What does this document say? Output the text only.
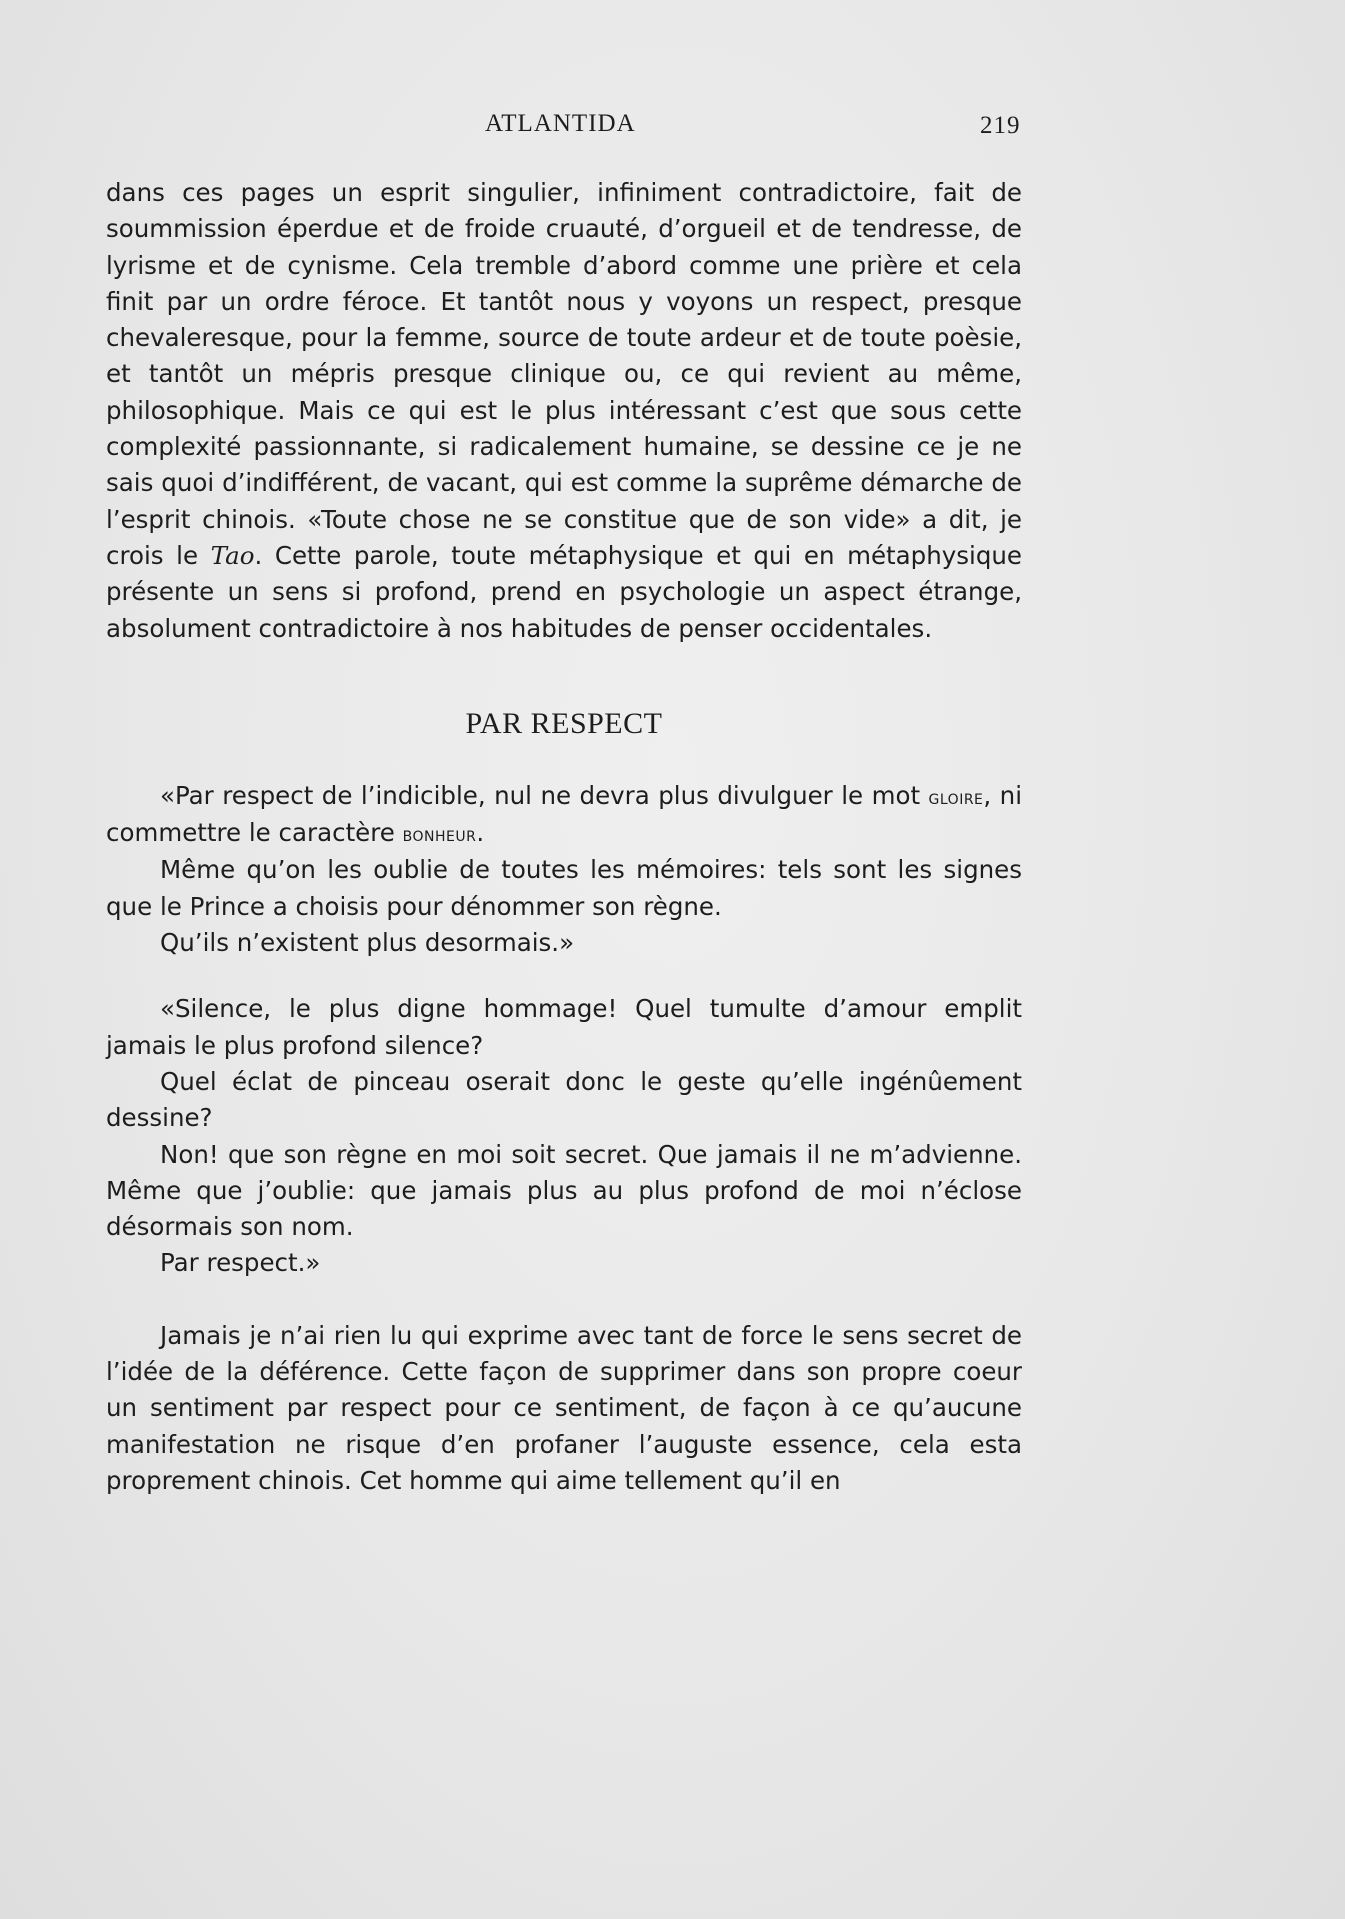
ATLANTIDA	219

dans ces pages un esprit singulier, infiniment contradictoire, fait de soummission éperdue et de froide cruauté, d’orgueil et de tendresse, de lyrisme et de cynisme. Cela tremble d’abord comme une prière et cela finit par un ordre féroce. Et tantôt nous y voyons un respect, presque chevaleresque, pour la femme, source de toute ardeur et de toute poèsie, et tantôt un mépris presque clinique ou, ce qui revient au même, philosophique. Mais ce qui est le plus intéressant c’est que sous cette complexité passionnante, si radicalement humaine, se dessine ce je ne sais quoi d’indifférent, de vacant, qui est comme la suprême démarche de l’esprit chinois. «Toute chose ne se constitue que de son vide» a dit, je crois le Tao. Cette parole, toute métaphysique et qui en métaphysique présente un sens si profond, prend en psychologie un aspect étrange, absolument contradictoire à nos habitudes de penser occidentales.

PAR RESPECT

«Par respect de l’indicible, nul ne devra plus divulguer le mot gloire, ni commettre le caractère bonheur.

Même qu’on les oublie de toutes les mémoires: tels sont les signes que le Prince a choisis pour dénommer son règne.

Qu’ils n’existent plus desormais.»

«Silence, le plus digne hommage! Quel tumulte d’amour emplit jamais le plus profond silence?

Quel éclat de pinceau oserait donc le geste qu’elle ingénûement dessine?

Non! que son règne en moi soit secret. Que jamais il ne m’advienne. Même que j’oublie: que jamais plus au plus profond de moi n’éclose désormais son nom.

Par respect.»

Jamais je n’ai rien lu qui exprime avec tant de force le sens secret de l’idée de la déférence. Cette façon de supprimer dans son propre coeur un sentiment par respect pour ce sentiment, de façon à ce qu’aucune manifestation ne risque d’en profaner l’auguste essence, cela esta proprement chinois. Cet homme qui aime tellement qu’il en
